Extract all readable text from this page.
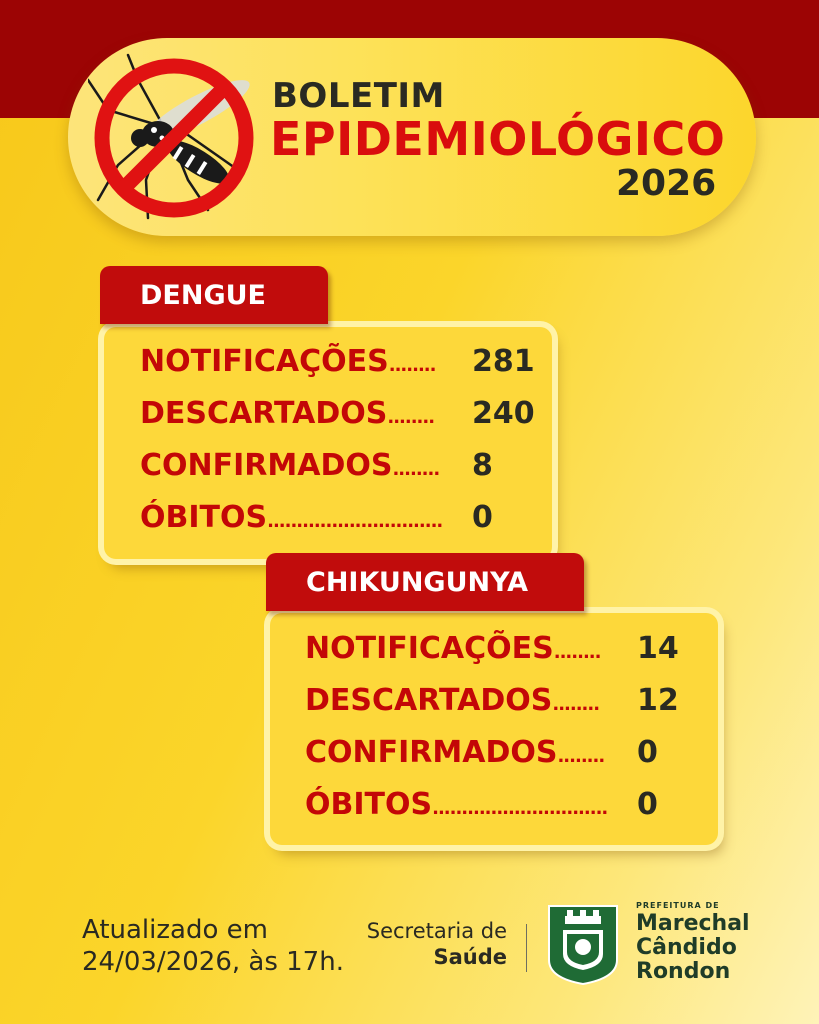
BOLETIM
EPIDEMIOLÓGICO
2026
DENGUE
NOTIFICAÇÕES........ 281
DESCARTADOS........ 240
CONFIRMADOS........ 8
ÓBITOS.............................. 0
CHIKUNGUNYA
NOTIFICAÇÕES........ 14
DESCARTADOS........ 12
CONFIRMADOS........ 0
ÓBITOS.............................. 0
Atualizado em
24/03/2026, às 17h.
Secretaria de
Saúde
PREFEITURA DE
Marechal
Cândido
Rondon
